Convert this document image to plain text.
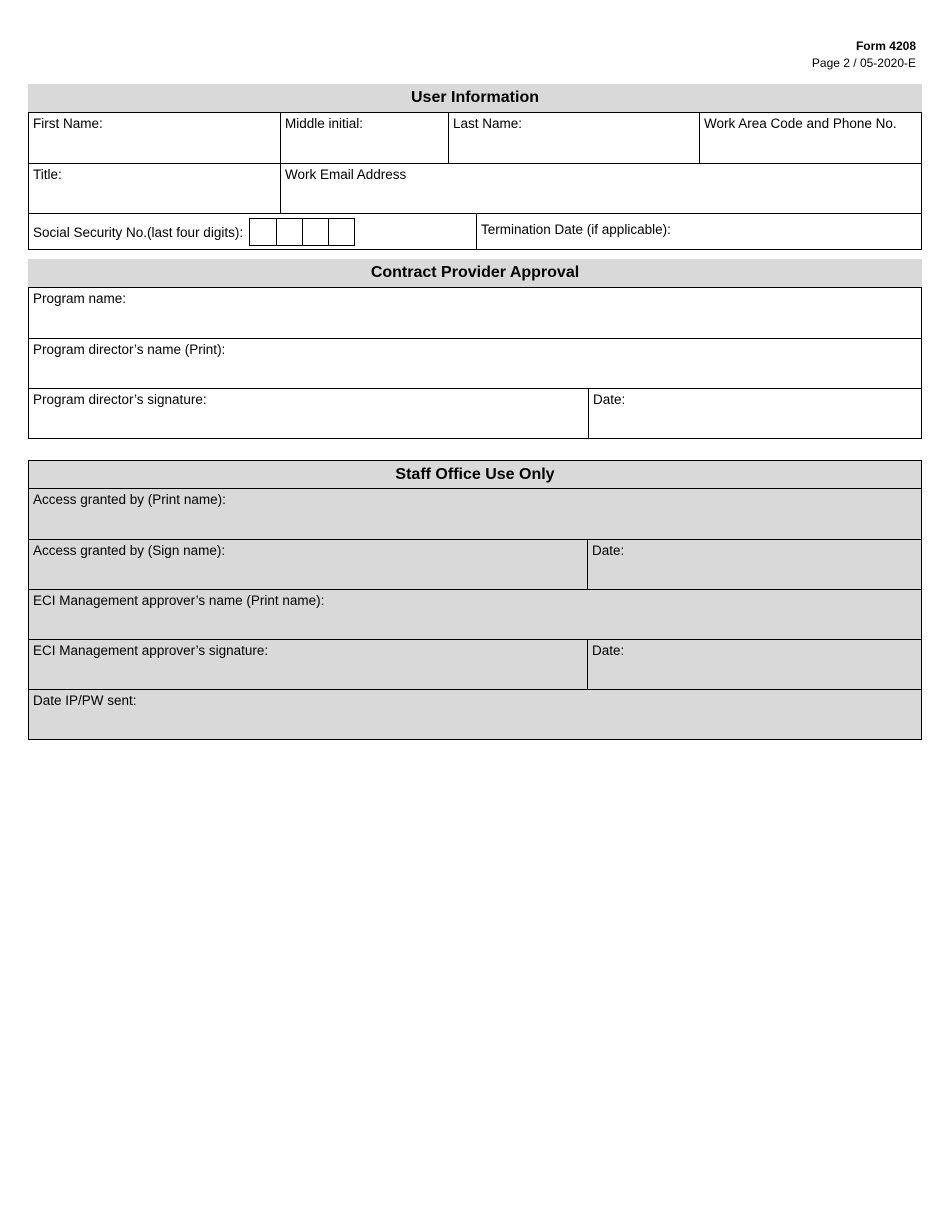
Form 4208
Page 2 / 05-2020-E
User Information
First Name:	Middle initial:	Last Name:	Work Area Code and Phone No.
Title:	Work Email Address
Social Security No.(last four digits):	Termination Date (if applicable):
Contract Provider Approval
Program name:
Program director’s name (Print):
Program director’s signature:	Date:
Staff Office Use Only
Access granted by (Print name):
Access granted by (Sign name):	Date:
ECI Management approver’s name (Print name):
ECI Management approver’s signature:	Date:
Date IP/PW sent:
